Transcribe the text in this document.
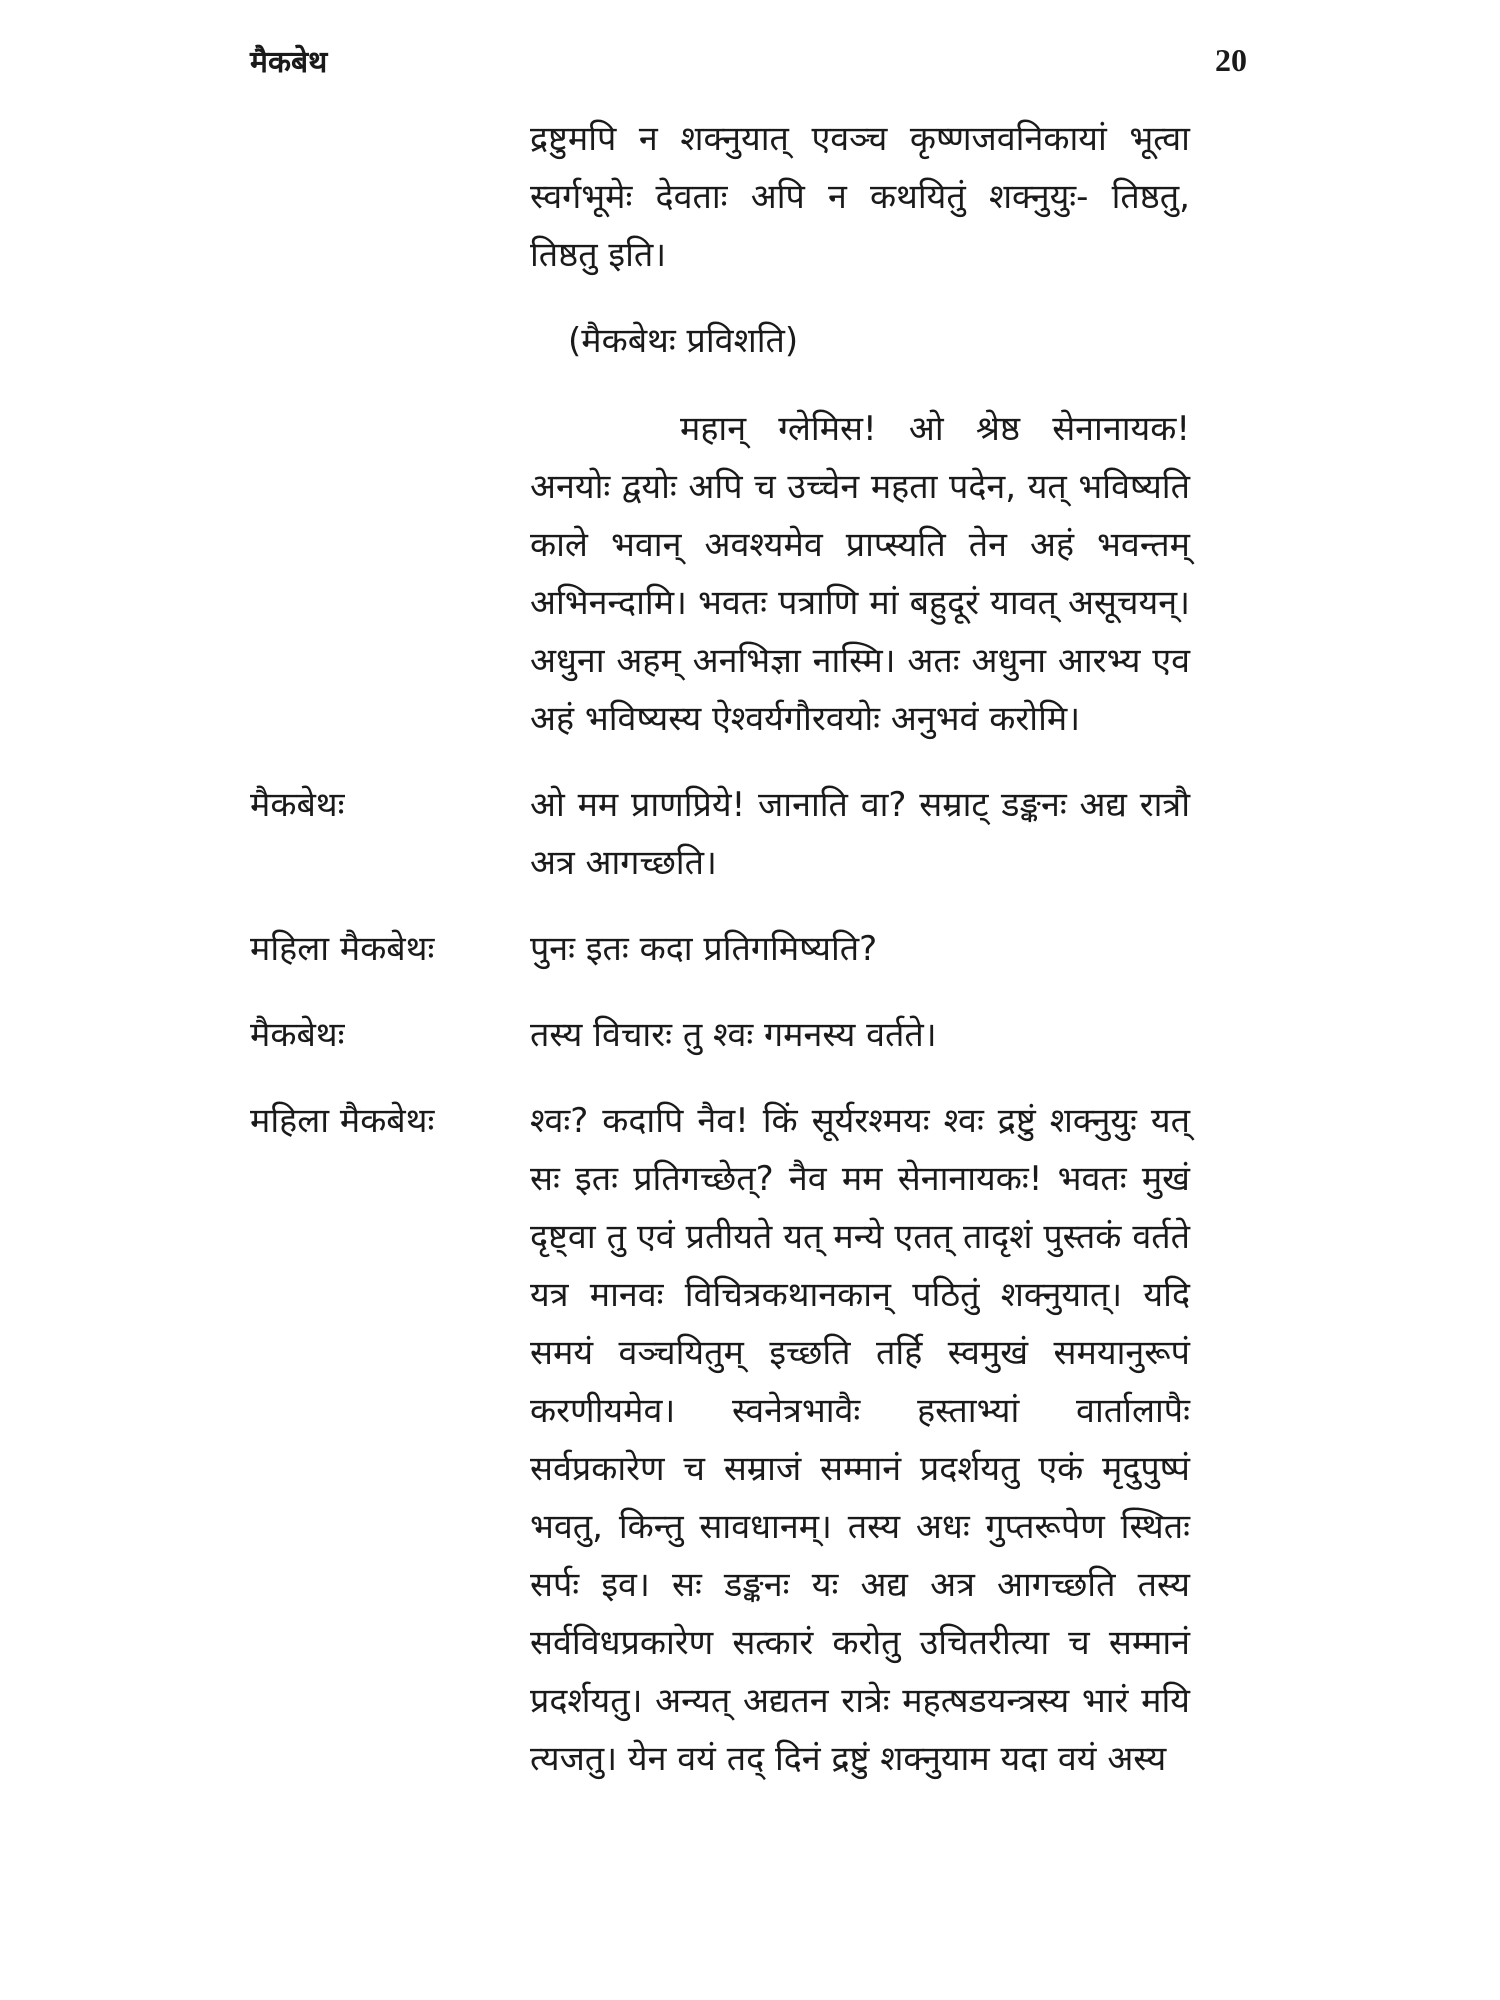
मैकबेथ	20
द्रष्टुमपि न शक्नुयात् एवञ्च कृष्णजवनिकायां भूत्वा स्वर्गभूमेः देवताः अपि न कथयितुं शक्नुयुः- तिष्ठतु, तिष्ठतु इति।
(मैकबेथः प्रविशति)
महान् ग्लेमिस! ओ श्रेष्ठ सेनानायक! अनयोः द्वयोः अपि च उच्चेन महता पदेन, यत् भविष्यति काले भवान् अवश्यमेव प्राप्स्यति तेन अहं भवन्तम् अभिनन्दामि। भवतः पत्राणि मां बहुदूरं यावत् असूचयन्। अधुना अहम् अनभिज्ञा नास्मि। अतः अधुना आरभ्य एव अहं भविष्यस्य ऐश्वर्यगौरवयोः अनुभवं करोमि।
मैकबेथः	ओ मम प्राणप्रिये! जानाति वा? सम्राट् डङ्कनः अद्य रात्रौ अत्र आगच्छति।
महिला मैकबेथः	पुनः इतः कदा प्रतिगमिष्यति?
मैकबेथः	तस्य विचारः तु श्वः गमनस्य वर्तते।
महिला मैकबेथः	श्वः? कदापि नैव! किं सूर्यरश्मयः श्वः द्रष्टुं शक्नुयुः यत् सः इतः प्रतिगच्छेत्? नैव मम सेनानायकः! भवतः मुखं दृष्ट्वा तु एवं प्रतीयते यत् मन्ये एतत् तादृशं पुस्तकं वर्तते यत्र मानवः विचित्रकथानकान् पठितुं शक्नुयात्। यदि समयं वञ्चयितुम् इच्छति तर्हि स्वमुखं समयानुरूपं करणीयमेव। स्वनेत्रभावैः हस्ताभ्यां वार्तालापैः सर्वप्रकारेण च सम्राजं सम्मानं प्रदर्शयतु एकं मृदुपुष्पं भवतु, किन्तु सावधानम्। तस्य अधः गुप्तरूपेण स्थितः सर्पः इव। सः डङ्कनः यः अद्य अत्र आगच्छति तस्य सर्वविधप्रकारेण सत्कारं करोतु उचितरीत्या च सम्मानं प्रदर्शयतु। अन्यत् अद्यतन रात्रेः महत्षडयन्त्रस्य भारं मयि त्यजतु। येन वयं तद् दिनं द्रष्टुं शक्नुयाम यदा वयं अस्य
